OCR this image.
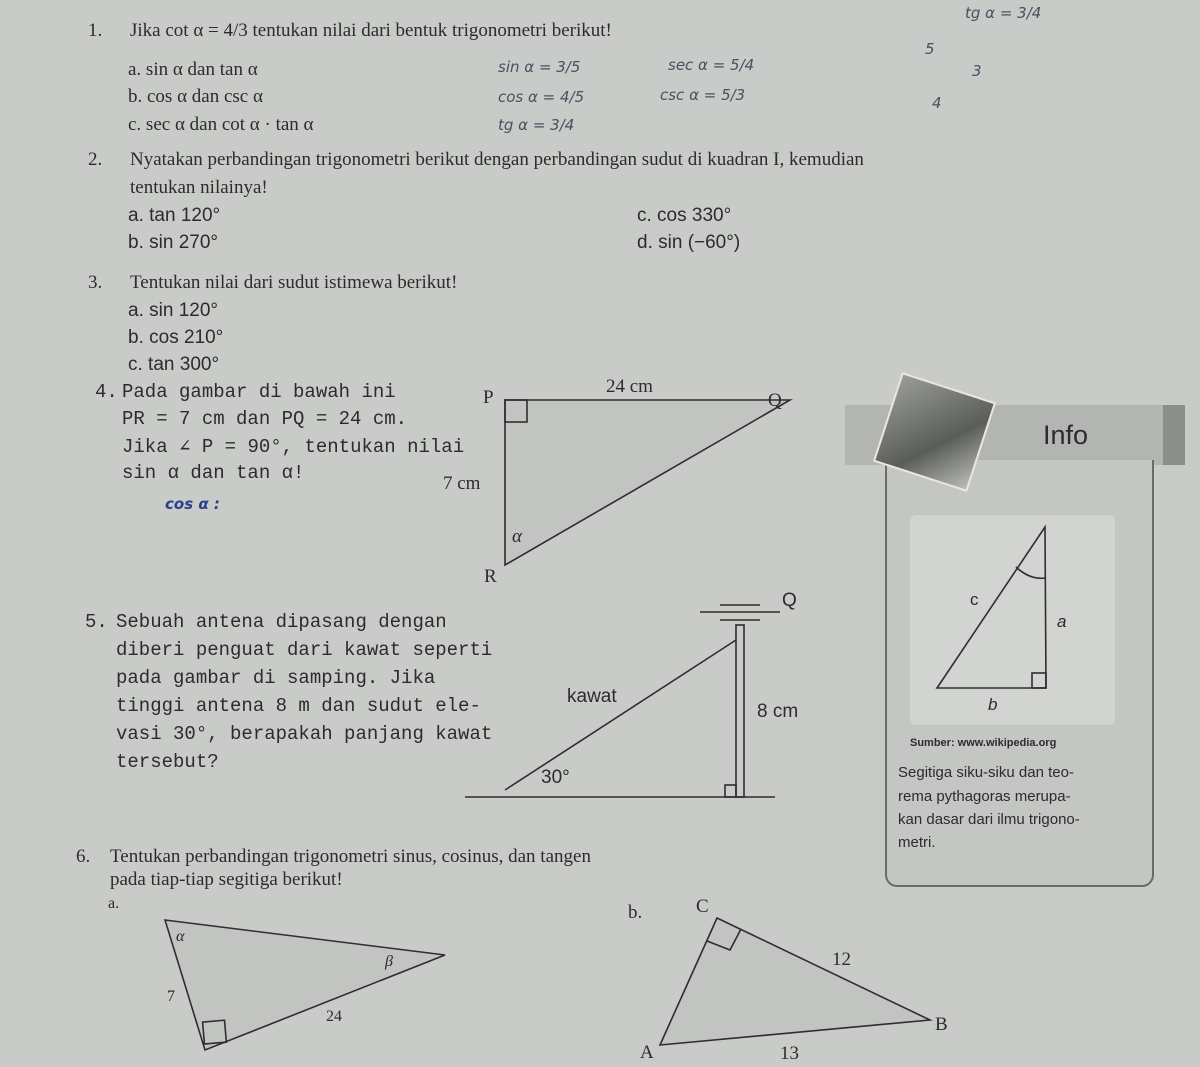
1. Jika cot α = 4/3 tentukan nilai dari bentuk trigonometri berikut!
a. sin α dan tan α
b. cos α dan csc α
c. sec α dan cot α · tan α
sin α = 3/5	sec α = 5/4
cos α = 4/5	csc α = 5/3
tg α = 3/4
tg α = 3/4
5
3
4
2. Nyatakan perbandingan trigonometri berikut dengan perbandingan sudut di kuadran I, kemudian
tentukan nilainya!
a. tan 120°
b. sin 270°
c. cos 330°
d. sin (−60°)
3. Tentukan nilai dari sudut istimewa berikut!
a. sin 120°
b. cos 210°
c. tan 300°
4. Pada gambar di bawah ini
PR = 7 cm dan PQ = 24 cm.
Jika ∠ P = 90°, tentukan nilai
sin α dan tan α!
cos α :
5. Sebuah antena dipasang dengan
diberi penguat dari kawat seperti
pada gambar di samping. Jika
tinggi antena 8 m dan sudut ele-
vasi 30°, berapakah panjang kawat
tersebut?
Info
P	Q
R
24 cm
7 cm
α
Q
kawat
8 cm
30°
c
a
b
Sumber: www.wikipedia.org
Segitiga siku-siku dan teo-
rema pythagoras merupa-
kan dasar dari ilmu trigono-
metri.
6. Tentukan perbandingan trigonometri sinus, cosinus, dan tangen
pada tiap-tiap segitiga berikut!
a.
α
β
7
24
b.	C
B
A
12
13
